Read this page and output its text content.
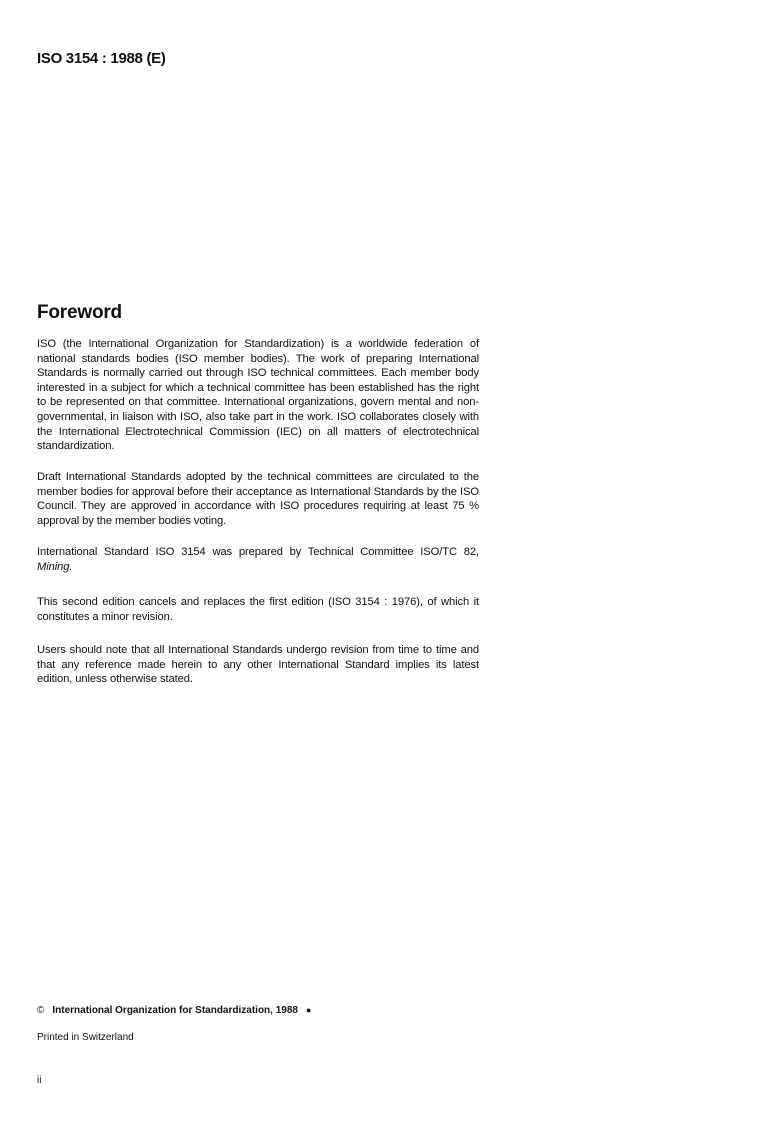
ISO 3154 : 1988 (E)
Foreword

ISO (the International Organization for Standardization) is a worldwide federation of national standards bodies (ISO member bodies). The work of preparing International Standards is normally carried out through ISO technical committees. Each member body interested in a subject for which a technical committee has been established has the right to be represented on that committee. International organizations, govern mental and non-governmental, in liaison with ISO, also take part in the work. ISO collaborates closely with the International Electrotechnical Commission (IEC) on all matters of electrotechnical standardization.

Draft International Standards adopted by the technical committees are circulated to the member bodies for approval before their acceptance as International Standards by the ISO Council. They are approved in accordance with ISO procedures requiring at least 75 % approval by the member bodies voting.

International Standard ISO 3154 was prepared by Technical Committee ISO/TC 82, Mining.

This second edition cancels and replaces the first edition (ISO 3154 : 1976), of which it constitutes a minor revision.

Users should note that all International Standards undergo revision from time to time and that any reference made herein to any other International Standard implies its latest edition, unless otherwise stated.

© International Organization for Standardization, 1988 ●
Printed in Switzerland
ii
